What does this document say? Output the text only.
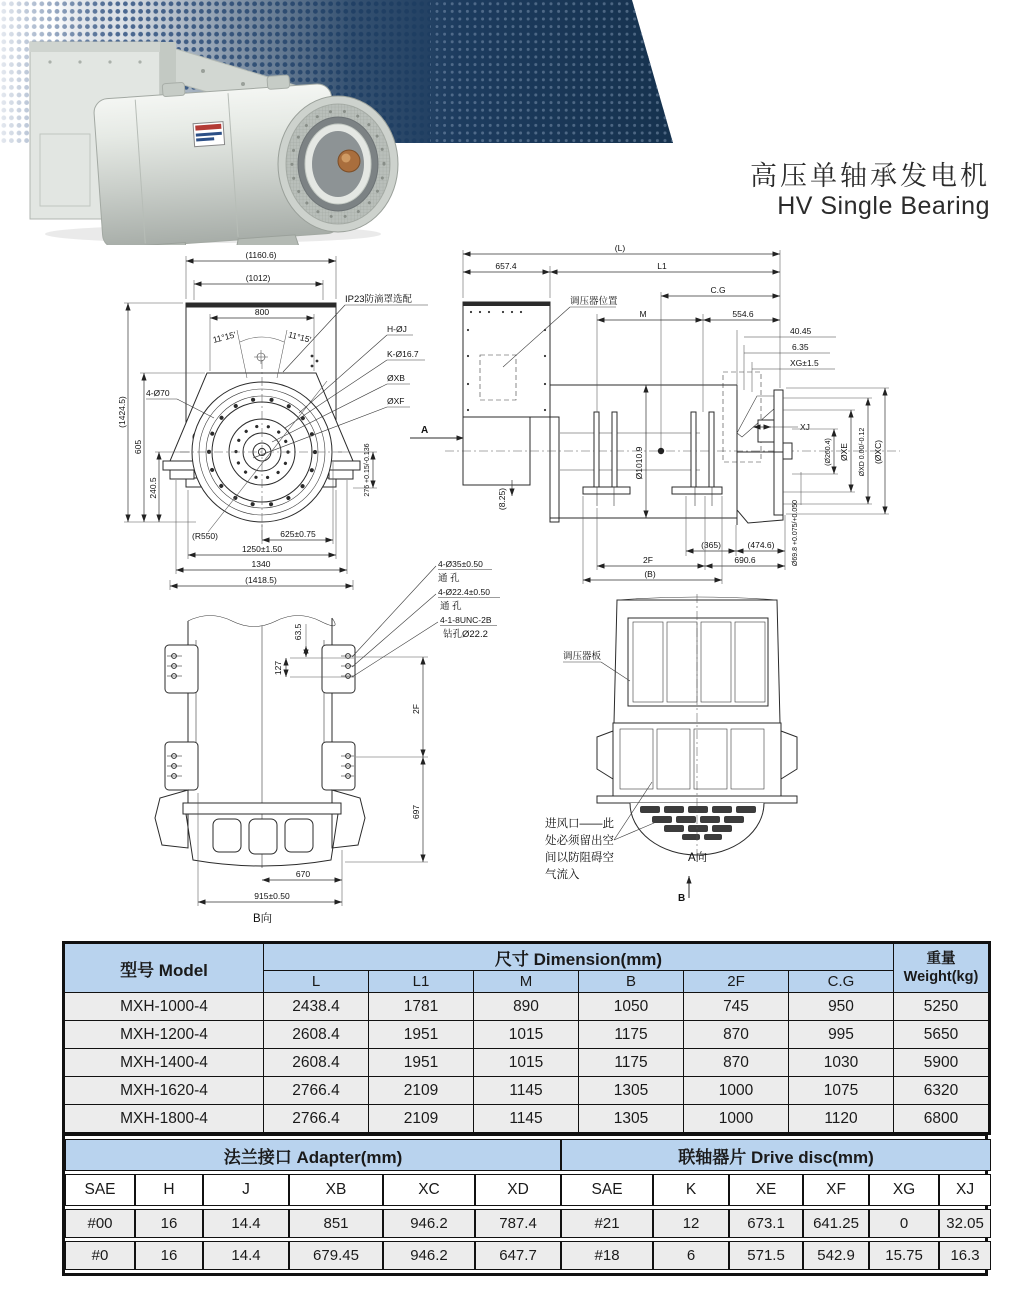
高压单轴承发电机
HV Single Bearing
(1160.6)
(1012)
800
11°15'	11°15'
(1424.5)
605
240.5
4-Ø70
IP23防滴罩选配
H-ØJ
K-Ø16.7
ØXB
ØXF
276 +0.15/-0.136
A
(R550)	625±0.75
1250±1.50
1340
(1418.5)
调压器位置
Ø1010.9
40.45
6.35
XG±1.5
XJ
(Ø260.4) ØXE ØXD 0.00/-0.12 (ØXC)
Ø69.8 +0.075/+0.050
(L)
657.4	L1
C.G
M	554.6
(8.25)
(365)	(474.6)
2F	690.6
(B)
63.5
127
2F
697
670
915±0.50
B向
4-Ø35±0.50
通 孔
4-Ø22.4±0.50
通 孔
4-1-8UNC-2B
钻孔Ø22.2
调压器板
进风口——此
处必须留出空
间以防阻碍空
气流入
A向
B
型号 Model	尺寸 Dimension(mm)						重量
Weight(kg)

	L	L1	M	B	2F	C.G	
MXH-1000-4	2438.4	1781	890	1050	745	950	5250
MXH-1200-4	2608.4	1951	1015	1175	870	995	5650
MXH-1400-4	2608.4	1951	1015	1175	870	1030	5900
MXH-1620-4	2766.4	2109	1145	1305	1000	1075	6320
MXH-1800-4	2766.4	2109	1145	1305	1000	1120	6800
法兰接口 Adapter(mm)						联轴器片 Drive disc(mm)					
SAE	H	J	XB	XC	XD	SAE	K	XE	XF	XG	XJ
#00	16	14.4	851	946.2	787.4	#21	12	673.1	641.25	0	32.05
#0	16	14.4	679.45	946.2	647.7	#18	6	571.5	542.9	15.75	16.3
